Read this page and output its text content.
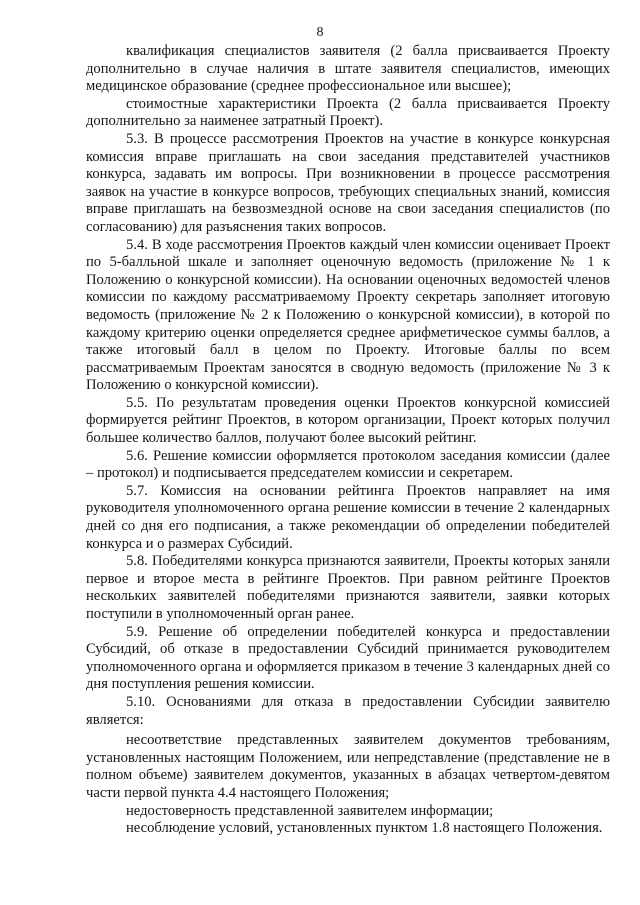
8

квалификация специалистов заявителя (2 балла присваивается Проекту дополнительно в случае наличия в штате заявителя специалистов, имеющих медицинское образование (среднее профессиональное или высшее);

стоимостные характеристики Проекта (2 балла присваивается Проекту дополнительно за наименее затратный Проект).

5.3. В процессе рассмотрения Проектов на участие в конкурсе конкурсная комиссия вправе приглашать на свои заседания представителей участников конкурса, задавать им вопросы. При возникновении в процессе рассмотрения заявок на участие в конкурсе вопросов, требующих специальных знаний, комиссия вправе приглашать на безвозмездной основе на свои заседания специалистов (по согласованию) для разъяснения таких вопросов.

5.4. В ходе рассмотрения Проектов каждый член комиссии оценивает Проект по 5-балльной шкале и заполняет оценочную ведомость (приложение № 1 к Положению о конкурсной комиссии). На основании оценочных ведомостей членов комиссии по каждому рассматриваемому Проекту секретарь заполняет итоговую ведомость (приложение № 2 к Положению о конкурсной комиссии), в которой по каждому критерию оценки определяется среднее арифметическое суммы баллов, а также итоговый балл в целом по Проекту. Итоговые баллы по всем рассматриваемым Проектам заносятся в сводную ведомость (приложение № 3 к Положению о конкурсной комиссии).

5.5. По результатам проведения оценки Проектов конкурсной комиссией формируется рейтинг Проектов, в котором организации, Проект которых получил большее количество баллов, получают более высокий рейтинг.

5.6. Решение комиссии оформляется протоколом заседания комиссии (далее – протокол) и подписывается председателем комиссии и секретарем.

5.7. Комиссия на основании рейтинга Проектов направляет на имя руководителя уполномоченного органа решение комиссии в течение 2 календарных дней со дня его подписания, а также рекомендации об определении победителей конкурса и о размерах Субсидий.

5.8. Победителями конкурса признаются заявители, Проекты которых заняли первое и второе места в рейтинге Проектов. При равном рейтинге Проектов нескольких заявителей победителями признаются заявители, заявки которых поступили в уполномоченный орган ранее.

5.9. Решение об определении победителей конкурса и предоставлении Субсидий, об отказе в предоставлении Субсидий принимается руководителем уполномоченного органа и оформляется приказом в течение 3 календарных дней со дня поступления решения комиссии.

5.10. Основаниями для отказа в предоставлении Субсидии заявителю является:

несоответствие представленных заявителем документов требованиям, установленных настоящим Положением, или непредставление (представление не в полном объеме) заявителем документов, указанных в абзацах четвертом-девятом части первой пункта 4.4 настоящего Положения;

недостоверность представленной заявителем информации;

несоблюдение условий, установленных пунктом 1.8 настоящего Положения.
